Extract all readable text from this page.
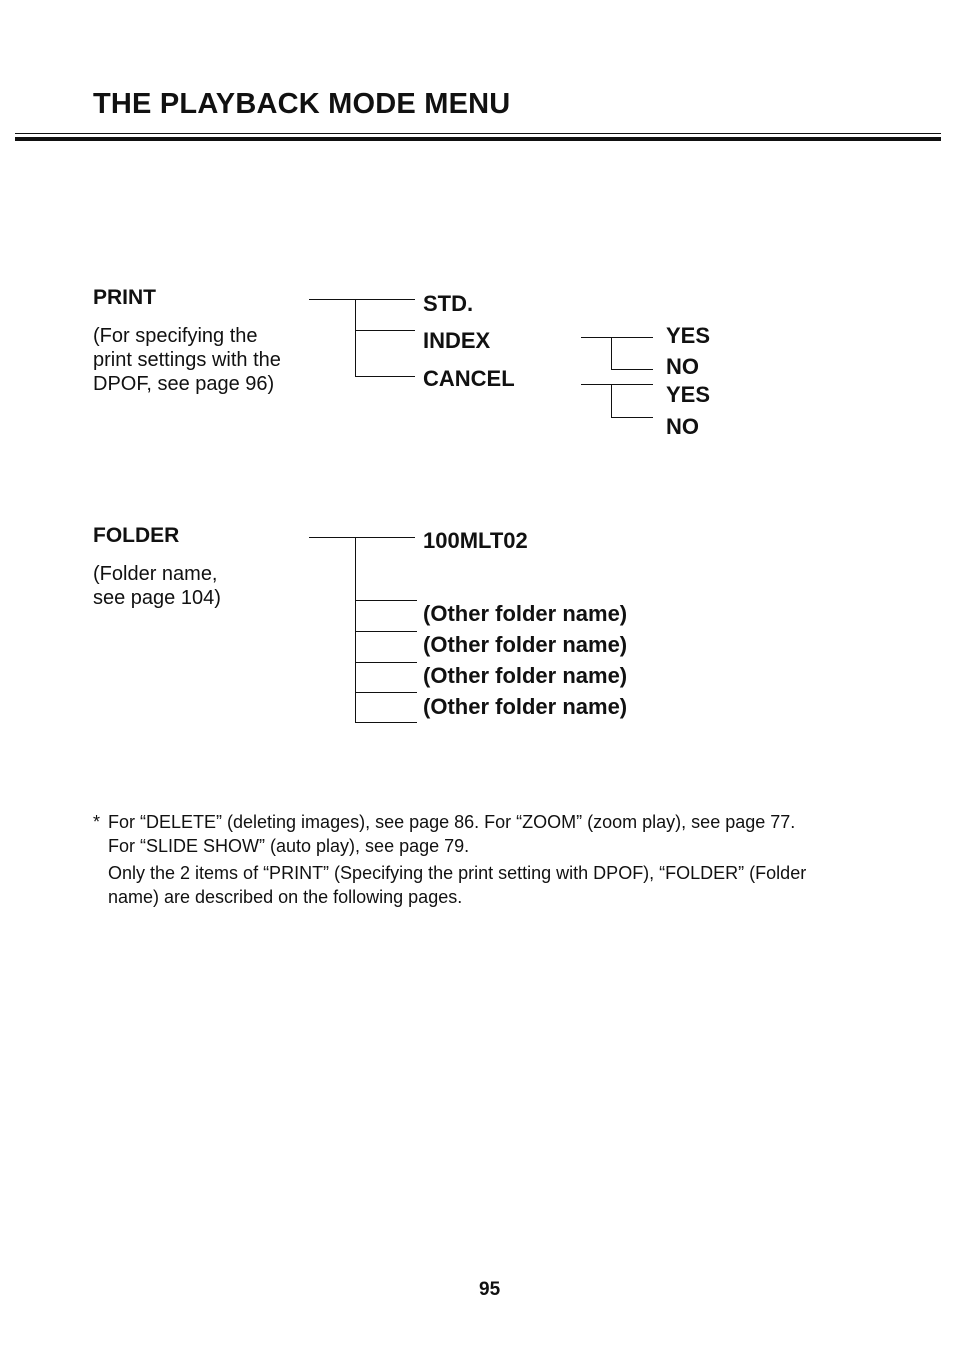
THE PLAYBACK MODE MENU
PRINT
(For specifying the
print settings with the
DPOF, see page 96)
STD.
INDEX
CANCEL
YES
NO
YES
NO
FOLDER
(Folder name,
see page 104)
100MLT02
(Other folder name)
(Other folder name)
(Other folder name)
(Other folder name)
* For “DELETE” (deleting images), see page 86. For “ZOOM” (zoom play), see page 77.
For “SLIDE SHOW” (auto play), see page 79.
Only the 2 items of “PRINT” (Specifying the print setting with DPOF), “FOLDER” (Folder
name) are described on the following pages.
95
